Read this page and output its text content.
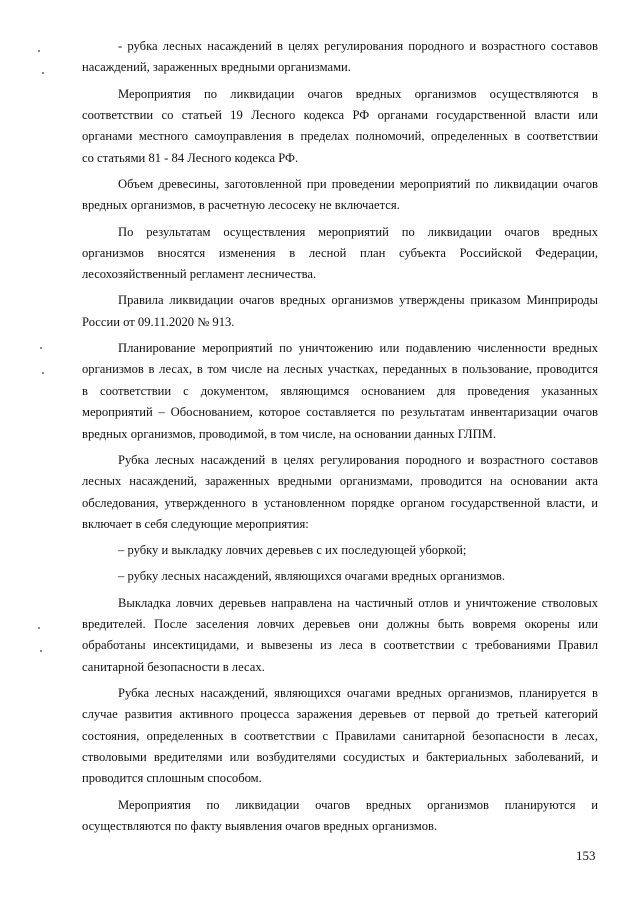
- рубка лесных насаждений в целях регулирования породного и возрастного составов
насаждений, зараженных вредными организмами.
Мероприятия по ликвидации очагов вредных организмов осуществляются в
соответствии со статьей 19 Лесного кодекса РФ органами государственной власти или
органами местного самоуправления в пределах полномочий, определенных в соответствии
со статьями 81 - 84 Лесного кодекса РФ.
Объем древесины, заготовленной при проведении мероприятий по ликвидации очагов
вредных организмов, в расчетную лесосеку не включается.
По результатам осуществления мероприятий по ликвидации очагов вредных
организмов вносятся изменения в лесной план субъекта Российской Федерации,
лесохозяйственный регламент лесничества.
Правила ликвидации очагов вредных организмов утверждены приказом Минприроды
России от 09.11.2020 № 913.
Планирование мероприятий по уничтожению или подавлению численности вредных
организмов в лесах, в том числе на лесных участках, переданных в пользование, проводится
в соответствии с документом, являющимся основанием для проведения указанных
мероприятий – Обоснованием, которое составляется по результатам инвентаризации очагов
вредных организмов, проводимой, в том числе, на основании данных ГЛПМ.
Рубка лесных насаждений в целях регулирования породного и возрастного составов
лесных насаждений, зараженных вредными организмами, проводится на основании акта
обследования, утвержденного в установленном порядке органом государственной власти, и
включает в себя следующие мероприятия:
– рубку и выкладку ловчих деревьев с их последующей уборкой;
– рубку лесных насаждений, являющихся очагами вредных организмов.
Выкладка ловчих деревьев направлена на частичный отлов и уничтожение стволовых
вредителей. После заселения ловчих деревьев они должны быть вовремя окорены или
обработаны инсектицидами, и вывезены из леса в соответствии с требованиями Правил
санитарной безопасности в лесах.
Рубка лесных насаждений, являющихся очагами вредных организмов, планируется в
случае развития активного процесса заражения деревьев от первой до третьей категорий
состояния, определенных в соответствии с Правилами санитарной безопасности в лесах,
стволовыми вредителями или возбудителями сосудистых и бактериальных заболеваний, и
проводится сплошным способом.
Мероприятия по ликвидации очагов вредных организмов планируются и
осуществляются по факту выявления очагов вредных организмов.
153
